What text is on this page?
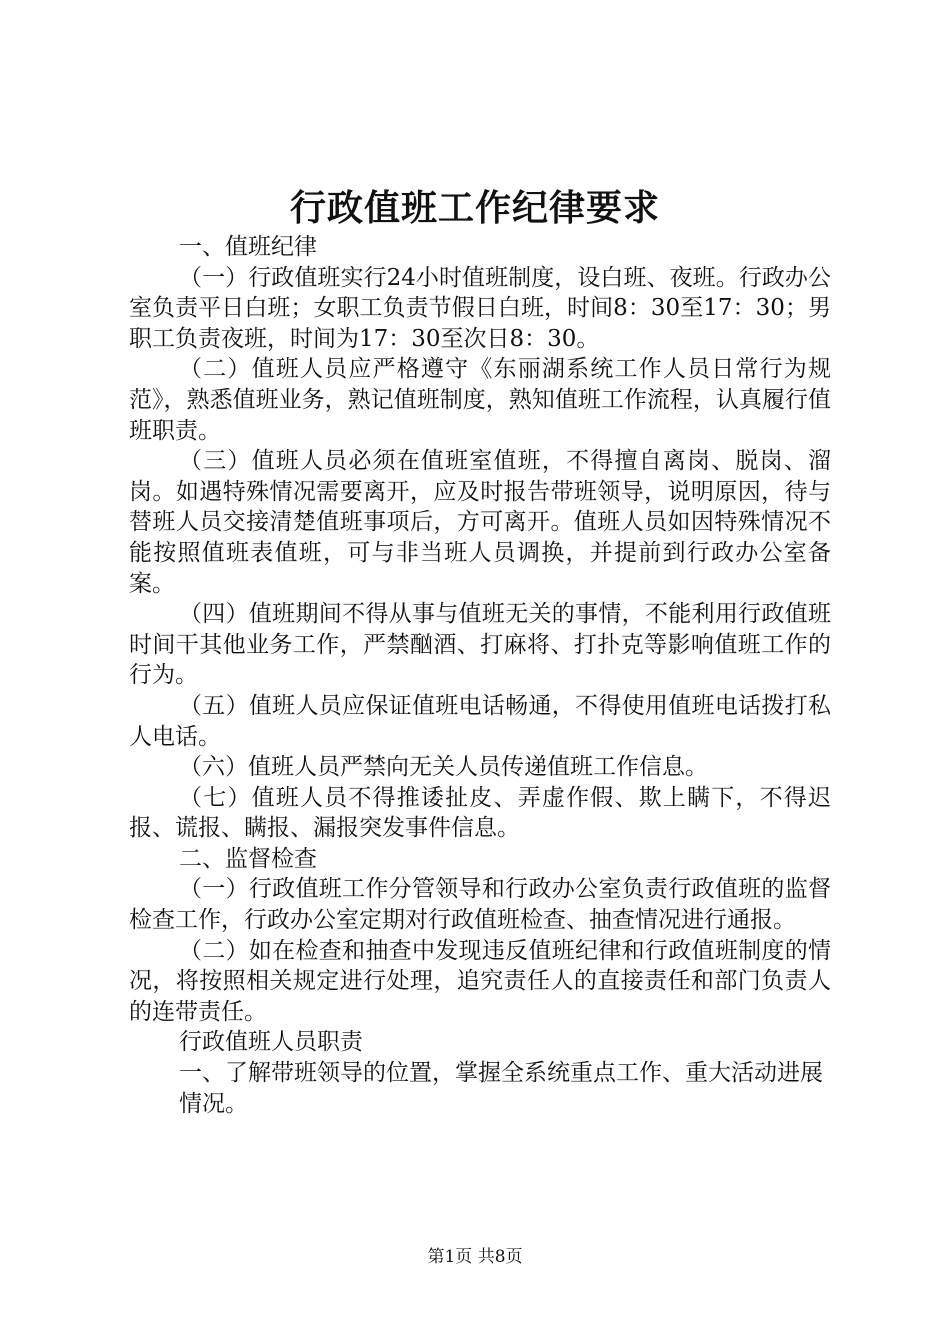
行政值班工作纪律要求

一、值班纪律

（一）行政值班实行24小时值班制度，设白班、夜班。行政办公室负责平日白班；女职工负责节假日白班，时间8：30至17：30；男职工负责夜班，时间为17：30至次日8：30。

（二）值班人员应严格遵守《东丽湖系统工作人员日常行为规范》，熟悉值班业务，熟记值班制度，熟知值班工作流程，认真履行值班职责。

（三）值班人员必须在值班室值班，不得擅自离岗、脱岗、溜岗。如遇特殊情况需要离开，应及时报告带班领导，说明原因，待与替班人员交接清楚值班事项后，方可离开。值班人员如因特殊情况不能按照值班表值班，可与非当班人员调换，并提前到行政办公室备案。

（四）值班期间不得从事与值班无关的事情，不能利用行政值班时间干其他业务工作，严禁酗酒、打麻将、打扑克等影响值班工作的行为。

（五）值班人员应保证值班电话畅通，不得使用值班电话拨打私人电话。

（六）值班人员严禁向无关人员传递值班工作信息。

（七）值班人员不得推诿扯皮、弄虚作假、欺上瞒下，不得迟报、谎报、瞒报、漏报突发事件信息。

二、监督检查

（一）行政值班工作分管领导和行政办公室负责行政值班的监督检查工作，行政办公室定期对行政值班检查、抽查情况进行通报。

（二）如在检查和抽查中发现违反值班纪律和行政值班制度的情况，将按照相关规定进行处理，追究责任人的直接责任和部门负责人的连带责任。

行政值班人员职责

一、了解带班领导的位置，掌握全系统重点工作、重大活动进展

情况。

第1页 共8页
